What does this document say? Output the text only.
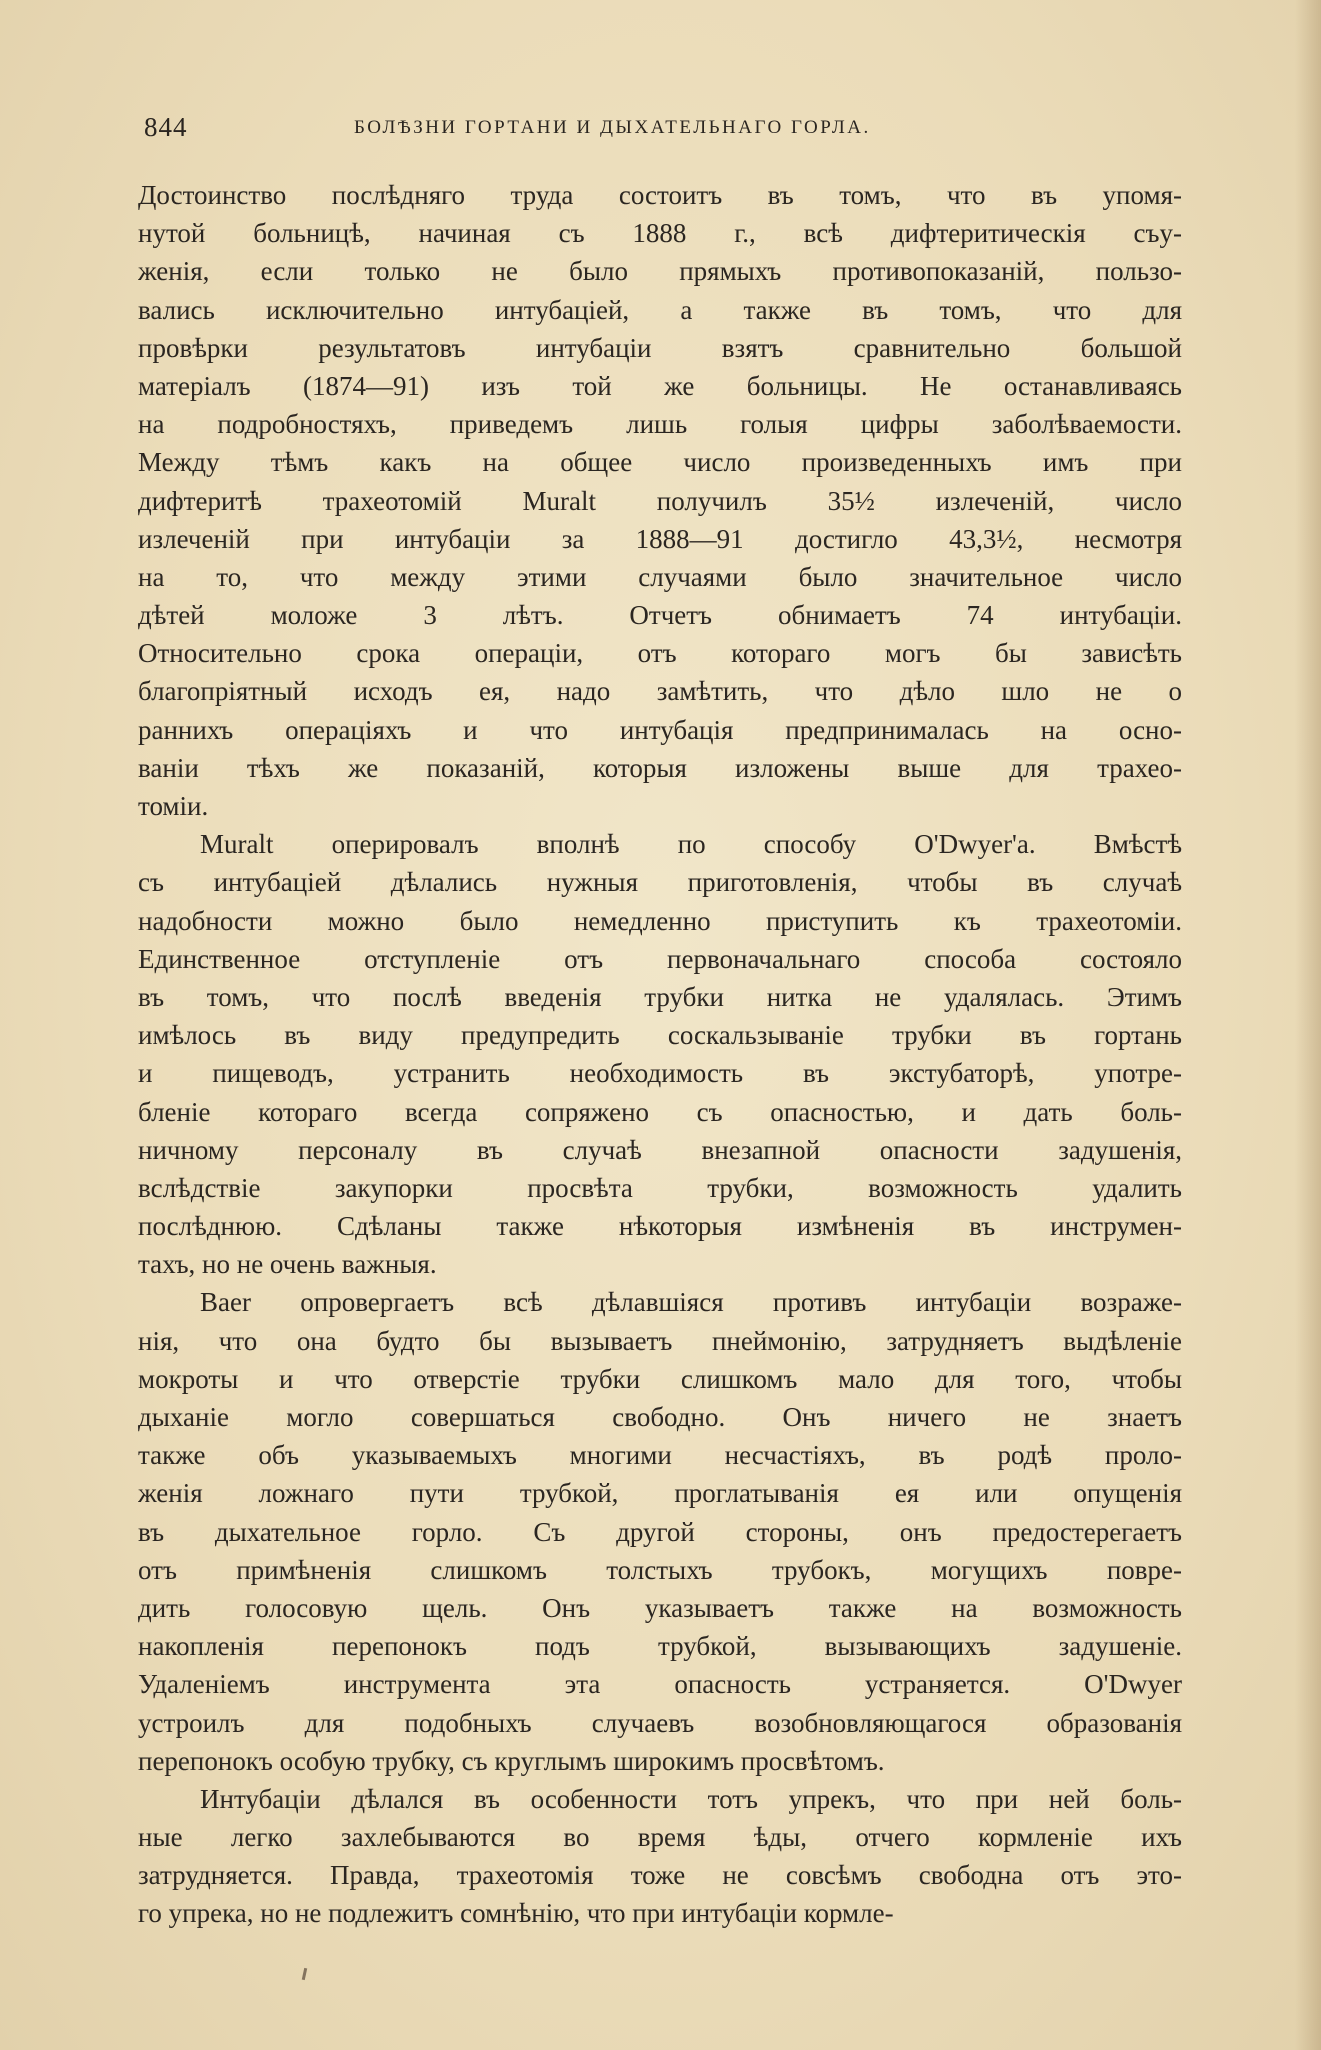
844	БОЛѢЗНИ ГОРТАНИ И ДЫХАТЕЛЬНАГО ГОРЛА.
Достоинство послѣдняго труда состоитъ въ томъ, что въ упомя-
нутой больницѣ, начиная съ 1888 г., всѣ дифтеритическія съу-
женія, если только не было прямыхъ противопоказаній, пользо-
вались исключительно интубаціей, а также въ томъ, что для
провѣрки результатовъ интубаціи взятъ сравнительно большой
матеріалъ (1874—91) изъ той же больницы. Не останавливаясь
на подробностяхъ, приведемъ лишь голыя цифры заболѣваемости.
Между тѣмъ какъ на общее число произведенныхъ имъ при
дифтеритѣ трахеотомій Muralt получилъ 35½ излеченій, число
излеченій при интубаціи за 1888—91 достигло 43,3½, несмотря
на то, что между этими случаями было значительное число
дѣтей моложе 3 лѣтъ. Отчетъ обнимаетъ 74 интубаціи.
Относительно срока операціи, отъ котораго могъ бы зависѣть
благопріятный исходъ ея, надо замѣтить, что дѣло шло не о
раннихъ операціяхъ и что интубація предпринималась на осно-
ваніи тѣхъ же показаній, которыя изложены выше для трахео-
томіи.
Muralt оперировалъ вполнѣ по способу O'Dwyer'а. Вмѣстѣ
съ интубаціей дѣлались нужныя приготовленія, чтобы въ случаѣ
надобности можно было немедленно приступить къ трахеотоміи.
Единственное отступленіе отъ первоначальнаго способа состояло
въ томъ, что послѣ введенія трубки нитка не удалялась. Этимъ
имѣлось въ виду предупредить соскальзываніе трубки въ гортань
и пищеводъ, устранить необходимость въ экстубаторѣ, употре-
бленіе котораго всегда сопряжено съ опасностью, и дать боль-
ничному персоналу въ случаѣ внезапной опасности задушенія,
вслѣдствіе закупорки просвѣта трубки, возможность удалить
послѣднюю. Сдѣланы также нѣкоторыя измѣненія въ инструмен-
тахъ, но не очень важныя.
Baer опровергаетъ всѣ дѣлавшіяся противъ интубаціи возраже-
нія, что она будто бы вызываетъ пнеймонію, затрудняетъ выдѣленіе
мокроты и что отверстіе трубки слишкомъ мало для того, чтобы
дыханіе могло совершаться свободно. Онъ ничего не знаетъ
также объ указываемыхъ многими несчастіяхъ, въ родѣ проло-
женія ложнаго пути трубкой, проглатыванія ея или опущенія
въ дыхательное горло. Съ другой стороны, онъ предостерегаетъ
отъ примѣненія слишкомъ толстыхъ трубокъ, могущихъ повре-
дить голосовую щель. Онъ указываетъ также на возможность
накопленія перепонокъ подъ трубкой, вызывающихъ задушеніе.
Удаленіемъ инструмента эта опасность устраняется. O'Dwyer
устроилъ для подобныхъ случаевъ возобновляющагося образованія
перепонокъ особую трубку, съ круглымъ широкимъ просвѣтомъ.
Интубаціи дѣлался въ особенности тотъ упрекъ, что при ней боль-
ные легко захлебываются во время ѣды, отчего кормленіе ихъ
затрудняется. Правда, трахеотомія тоже не совсѣмъ свободна отъ это-
го упрека, но не подлежитъ сомнѣнію, что при интубаціи кормле-
